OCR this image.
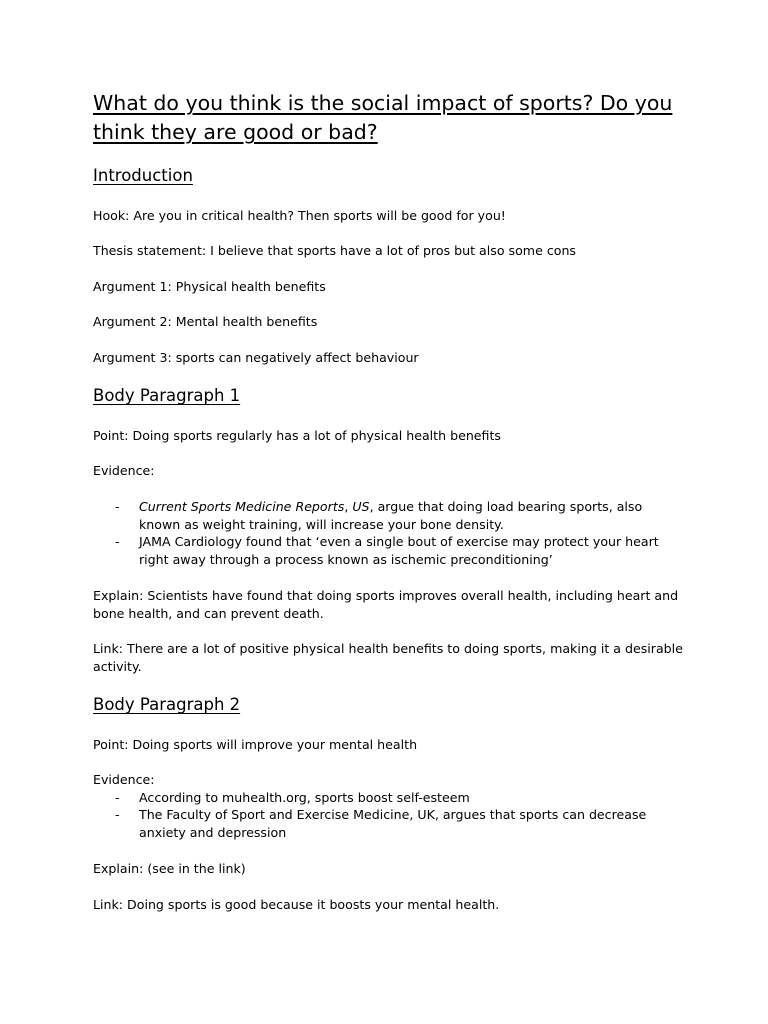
What do you think is the social impact of sports? Do you think they are good or bad?
Introduction

Hook: Are you in critical health? Then sports will be good for you!

Thesis statement: I believe that sports have a lot of pros but also some cons

Argument 1: Physical health benefits

Argument 2: Mental health benefits

Argument 3: sports can negatively affect behaviour

Body Paragraph 1

Point: Doing sports regularly has a lot of physical health benefits

Evidence:

- Current Sports Medicine Reports, US, argue that doing load bearing sports, also known as weight training, will increase your bone density.
- JAMA Cardiology found that ‘even a single bout of exercise may protect your heart right away through a process known as ischemic preconditioning’

Explain: Scientists have found that doing sports improves overall health, including heart and bone health, and can prevent death.

Link: There are a lot of positive physical health benefits to doing sports, making it a desirable activity.

Body Paragraph 2

Point: Doing sports will improve your mental health

Evidence:

- According to muhealth.org, sports boost self-esteem
- The Faculty of Sport and Exercise Medicine, UK, argues that sports can decrease anxiety and depression

Explain: (see in the link)

Link: Doing sports is good because it boosts your mental health.
